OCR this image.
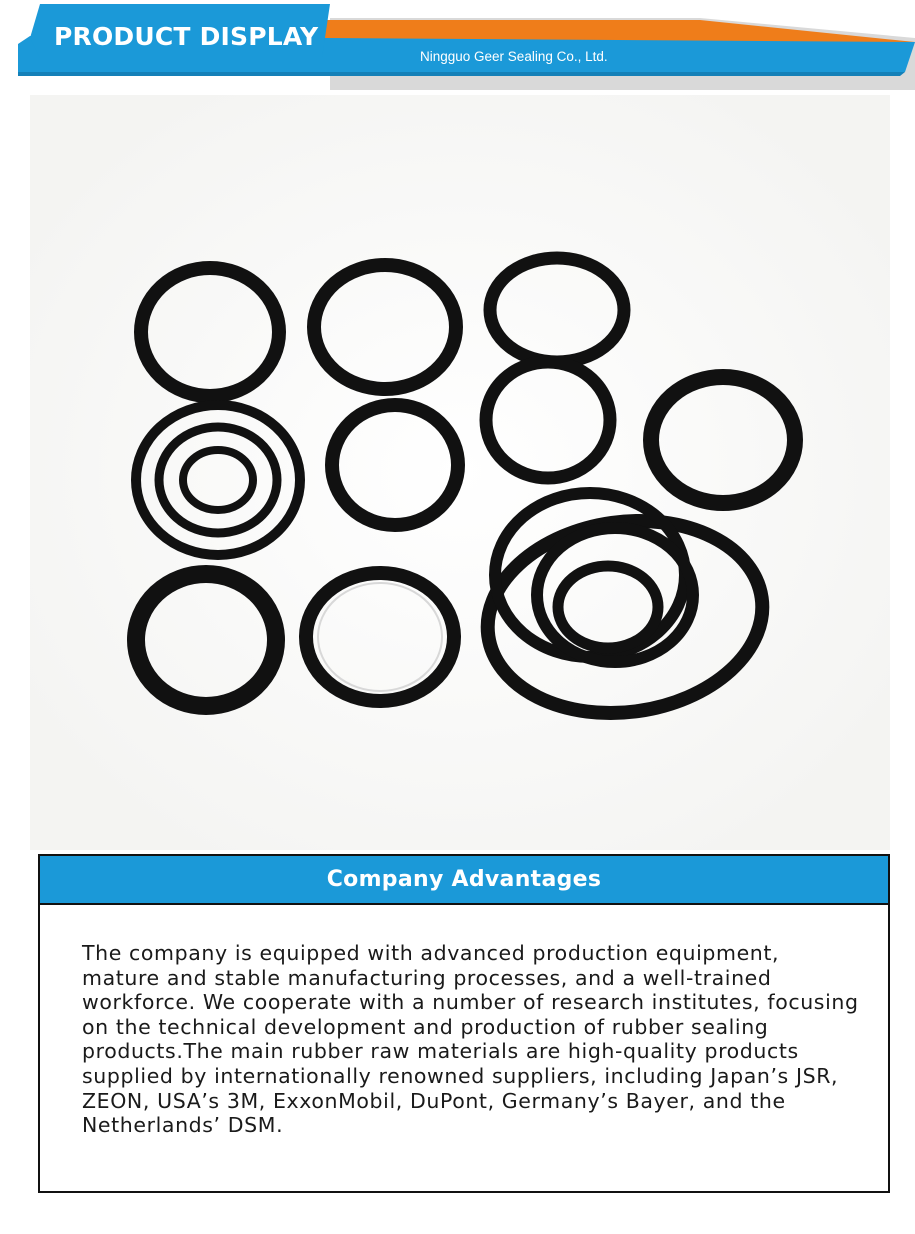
PRODUCT DISPLAY
Ningguo Geer Sealing Co., Ltd.
Company Advantages
The company is equipped with advanced production equipment, mature and stable manufacturing processes, and a well-trained workforce. We cooperate with a number of research institutes, focusing on the technical development and production of rubber sealing products.The main rubber raw materials are high-quality products supplied by internationally renowned suppliers, including Japan’s JSR, ZEON, USA’s 3M, ExxonMobil, DuPont, Germany’s Bayer, and the Netherlands’ DSM.
